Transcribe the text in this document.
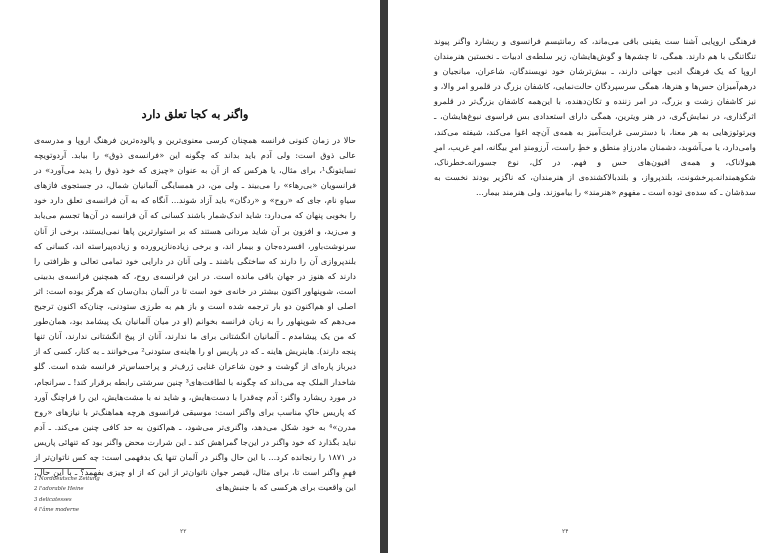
واگنر به کجا تعلق دارد

حالا در زمان کنونی فرانسه همچنان کرسی معنوی‌ترین و پالوده‌ترین فرهنگ اروپا و مدرسه‌ی عالی ذوق است: ولی آدم باید بداند که چگونه این «فرانسه‌ی ذوق» را بیابد. آردوتویچه تسایتونگ¹، برای مثال، یا هرکس که از آن به عنوان «چیزی که خود ذوق را پدید می‌آورد» در فرانسویان «بی‌رهاء» را می‌بیند ـ ولی من، در همسایگی آلمانیان شمال، در جستجوی فازهای سیاهِ نام، جای که «روح» و «ردگان» باید آزاد شوند... آنگاه که به آن فرانسه‌ی تعلق دارد خود را بخوبی پنهان که می‌دارد: شاید اندک‌شمار باشند کسانی که آن فرانسه در آن‌ها تجسم می‌یابد و می‌زید، و افزون بر آن شاید مردانی هستند که بر استوارترین پاها نمی‌ایستند، برخی از آنان سرنوشت‌باور، افسرده‌جان و بیمار اند، و برخی زیاده‌نازپرورده و زیاده‌پیراسته اند، کسانی که بلندپروازی آن را دارند که ساختگی باشند ـ ولی آنان در دارایی خود تمامی تعالی و ظرافتی را دارند که هنوز در جهان باقی مانده است. در این فرانسه‌ی روح، که همچنین فرانسه‌ی بدبینی است، شوپنهاور اکنون بیشتر در خانه‌ی خود است تا در آلمان بدان‌سان که هرگز بوده است: اثر اصلی او هم‌اکنون دو بار ترجمه شده است و باز هم به طرزی ستودنی، چنان‌که اکنون ترجیح می‌دهم که شوپنهاور را به زبان فرانسه بخوانم (او در میان آلمانیان یک پیشامد بود، همان‌طور که من یک پیشامدم ـ آلمانیان انگشتانی برای ما ندارند، آنان از پیخ انگشتانی ندارند، آنان تنها پنجه دارند). هاینریش هاینه ـ که در پاریس او را هاینه‌ی ستودنی² می‌خوانند ـ به کنار، کسی که از دیرباز پاره‌ای از گوشت و خون شاعران غنایی ژرف‌تر و پراحساس‌تر فرانسه شده است. گلو شاخدار الملک چه می‌داند که چگونه با لطافت‌های³ چنین سرشتی رابطه برقرار کند! ـ سرانجام، در مورد ریشارد واگنر: آدم چه‌قدرا با دست‌هایش، و شاید نه با مشت‌هایش، این را فراچنگ آورد که پاریس خاکِ مناسب برای واگنر است: موسیقی فرانسوی هرچه هماهنگ‌تر با نیازهای «روح مدرن»⁴ به خود شکل می‌دهد، واگنری‌تر می‌شود، ـ هم‌اکنون به حد کافی چنین می‌کند. ـ آدم نباید بگذارد که خود واگنر در این‌جا گمراهش کند ـ این شرارت محض واگنر بود که تنهائی پاریس در ۱۸۷۱ را رنجانده کرد... با این حال واگنر در آلمان تنها یک بدفهمی است: چه کس ناتوان‌تر از فهمِ واگنر است تا، برای مثال، قیصر جوان ناتوان‌تر از این که از او چیزی بفهمد؟ ـ با این حال، این واقعیت برای هرکسی که با جنبش‌های

1 Norddeutsche Zeitung
2 l'adorable Heine
3 delicatesses
4 l'âme moderne
۲۲

فرهنگی اروپایی آشنا ست یقینی باقی می‌ماند، که رمانتیسم فرانسوی و ریشارد واگنر پیوند تنگاتنگی با هم دارند. همگی، تا چشم‌ها و گوش‌هایشان، زیر سلطه‌ی ادبیات ـ نخستین هنرمندان اروپا که یک فرهنگ ادبی جهانی دارند، ـ بیش‌ترشان خود نویسندگان، شاعران، میانجیان و درهم‌آمیزان حس‌ها و هنرها، همگی سرسپردگان حالت‌نمایی، کاشفان بزرگ در قلمرو امر والا، و نیز کاشفان زشت و بزرگ، در امر زننده و تکان‌دهنده، با این‌همه کاشفان بزرگ‌تر در قلمرو اثرگذاری، در نمایش‌گری، در هنر ویترین، همگی دارای استعدادی بس فراسوی نبوغ‌هایشان، ـ ویرتوئوزهایی به هر معنا، با دسترسی غرابت‌آمیز به همه‌ی آن‌چه اغوا می‌کند، شیفته می‌کند، وامی‌دارد، یا می‌آشوبد، دشمنان مادرزادِ منطق و خطِ راست، آرزومندِ امرِ بیگانه، امرِ غریب، امرِ هیولاناک، و همه‌ی افیون‌های حس و فهم. در کل، نوع جسورانه‌ـ‌خطرناک، شکوهمندانه‌ـ‌پرخشونت، بلندپرواز، و بلندبالاکشنده‌ی از هنرمندان، که ناگزیر بودند نخست به سدهٔ‌شان ـ که سده‌ی توده است ـ مفهوم «هنرمند» را بیاموزند. ولی هنرمند بیمار...

۲۴
